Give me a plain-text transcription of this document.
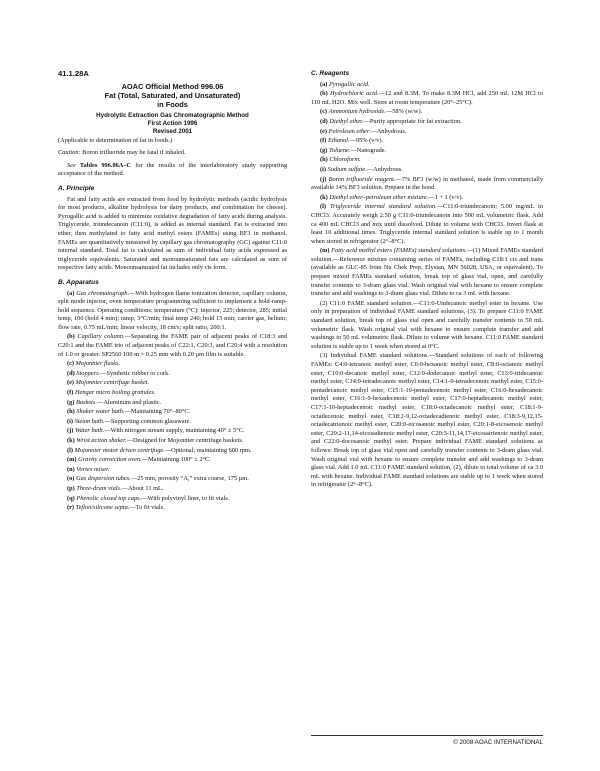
41.1.28A
AOAC Official Method 996.06
Fat (Total, Saturated, and Unsaturated)
in Foods
Hydrolytic Extraction Gas Chromatographic Method
First Action 1996
Revised 2001

(Applicable to determination of fat in foods.)

Caution: Boron trifluoride may be fatal if inhaled.

See Tables 996.06A–C for the results of the interlaboratory study supporting acceptance of the method.

A. Principle

Fat and fatty acids are extracted from food by hydrolytic methods (acidic hydrolysis for most products, alkaline hydrolysis for dairy products, and combination for cheese). Pyrogallic acid is added to minimize oxidative degradation of fatty acids during analysis. Triglyceride, triundecanoin (C11:0), is added as internal standard. Fat is extracted into ether, then methylated to fatty acid methyl esters (FAMEs) using BF3 in methanol. FAMEs are quantitatively measured by capillary gas chromatography (GC) against C11:0 internal standard. Total fat is calculated as sum of individual fatty acids expressed as triglyceride equivalents. Saturated and monounsaturated fats are calculated as sum of respective fatty acids. Monounsaturated fat includes only cis form.

B. Apparatus

(a) Gas chromatograph.—With hydrogen flame ionization detector, capillary column, split mode injector, oven temperature programming sufficient to implement a hold-ramp-hold sequence. Operating conditions: temperature (°C): injector, 225; detector, 285; initial temp, 100 (hold 4 min); ramp, 3°C/min; final temp 240; hold 15 min; carrier gas, helium; flow rate, 0.75 mL/min; linear velocity, 18 cm/s; split ratio, 200:1.

(b) Capillary column.—Separating the FAME pair of adjacent peaks of C18:3 and C20:1 and the FAME trio of adjacent peaks of C22:1, C20:3, and C20:4 with a resolution of 1.0 or greater. SP2560 100 m × 0.25 mm with 0.20 µm film is suitable.

(c) Mojonnier flasks.

(d) Stoppers.—Synthetic rubber or cork.

(e) Mojonnier centrifuge basket.

(f) Hengar micro boiling granules.

(g) Baskets.—Aluminum and plastic.

(h) Shaker water bath.—Maintaining 70°–80°C.

(i) Steam bath.—Supporting common glassware.

(j) Water bath.—With nitrogen stream supply, maintaining 40° ± 5°C.

(k) Wrist action shaker.—Designed for Mojonnier centrifuge baskets.

(l) Mojonnier motor driven centrifuge.—Optional; maintaining 600 rpm.

(m) Gravity convection oven.—Maintaining 100° ± 2°C.

(n) Vortex mixer.

(o) Gas dispersion tubes.—25 mm, porosity “A,” extra coarse, 175 µm.

(p) Three-dram vials.—About 11 mL.

(q) Phenolic closed top caps.—With polyvinyl liner, to fit vials.

(r) Teflon/silicone septa.—To fit vials.

C. Reagents

(a) Pyrogallic acid.

(b) Hydrochloric acid.—12 and 8.3M. To make 8.3M HCl, add 250 mL 12M HCl to 110 mL H2O. Mix well. Store at room temperature (20°–25°C).

(c) Ammonium hydroxide.—58% (w/w).

(d) Diethyl ether.—Purity appropriate for fat extraction.

(e) Petroleum ether.—Anhydrous.

(f) Ethanol.—95% (v/v).

(g) Toluene.—Nanograde.

(h) Chloroform.

(i) Sodium sulfate.—Anhydrous.

(j) Boron trifluoride reagent.—7% BF3 (w/w) in methanol, made from commercially available 14% BF3 solution. Prepare in the hood.

(k) Diethyl ether–petroleum ether mixture.—1 + 1 (v/v).

(l) Triglyceride internal standard solution.—C11:0-triundecanoin; 5.00 mg/mL in CHCl3. Accurately weigh 2.50 g C11:0-triundecanoin into 500 mL volumetric flask. Add ca 400 mL CHCl3 and mix until dissolved. Dilute to volume with CHCl3. Invert flask at least 10 additional times. Triglyceride internal standard solution is stable up to 1 month when stored in refrigerator (2°–8°C).

(m) Fatty acid methyl esters (FAMEs) standard solutions.—(1) Mixed FAMEs standard solution.—Reference mixture containing series of FAMEs, including C18:1 cis and trans (available as GLC-85 from Nu Chek Prep, Elysian, MN 56028, USA, or equivalent). To prepare mixed FAMEs standard solution, break top of glass vial, open, and carefully transfer contents to 3-dram glass vial. Wash original vial with hexane to ensure complete transfer and add washings to 3-dram glass vial. Dilute to ca 3 mL with hexane.

(2) C11:0 FAME standard solution.—C11:0-Undecanoic methyl ester in hexane. Use only in preparation of individual FAME standard solutions, (3). To prepare C11:0 FAME standard solution, break top of glass vial open and carefully transfer contents to 50 mL volumetric flask. Wash original vial with hexane to ensure complete transfer and add washings to 50 mL volumetric flask. Dilute to volume with hexane. C11:0 FAME standard solution is stable up to 1 week when stored at 0°C.

(3) Individual FAME standard solutions.—Standard solutions of each of following FAMEs: C4:0-tetranoic methyl ester, C6:0-hexanoic methyl ester, C8:0-octanoic methyl ester, C10:0-decanoic methyl ester, C12:0-dodecanoic methyl ester, C13:0-tridecanoic methyl ester, C14:0-tetradecanoic methyl ester, C14:1-9-tetradecenoic methyl ester, C15:0-pentadecanoic methyl ester, C15:1-10-pentadecenoic methyl ester, C16:0-hexadecanoic methyl ester, C16:1-9-hexadecenoic methyl ester, C17:0-heptadecanoic methyl ester, C17:1-10-heptadecenoic methyl ester, C18:0-octadecanoic methyl ester, C18:1-9-octadecenoic methyl ester, C18:2-9,12-octadecadienoic methyl ester, C18:3-9,12,15-octadecatrienoic methyl ester, C20:0-eicosanoic methyl ester, C20:1-8-eicosenoic methyl ester, C20:2-11,14-eicosadienoic methyl ester, C20:3-11,14,17-eicosatrienoic methyl ester, and C22:0-docosanoic methyl ester. Prepare individual FAME standard solutions as follows: Break top of glass vial open and carefully transfer contents to 3-dram glass vial. Wash original vial with hexane to ensure complete transfer and add washings to 3-dram glass vial. Add 1.0 mL C11:0 FAME standard solution, (2), dilute to total volume of ca 3.0 mL with hexane. Individual FAME standard solutions are stable up to 1 week when stored in refrigerator (2°–8°C).

© 2008 AOAC INTERNATIONAL
